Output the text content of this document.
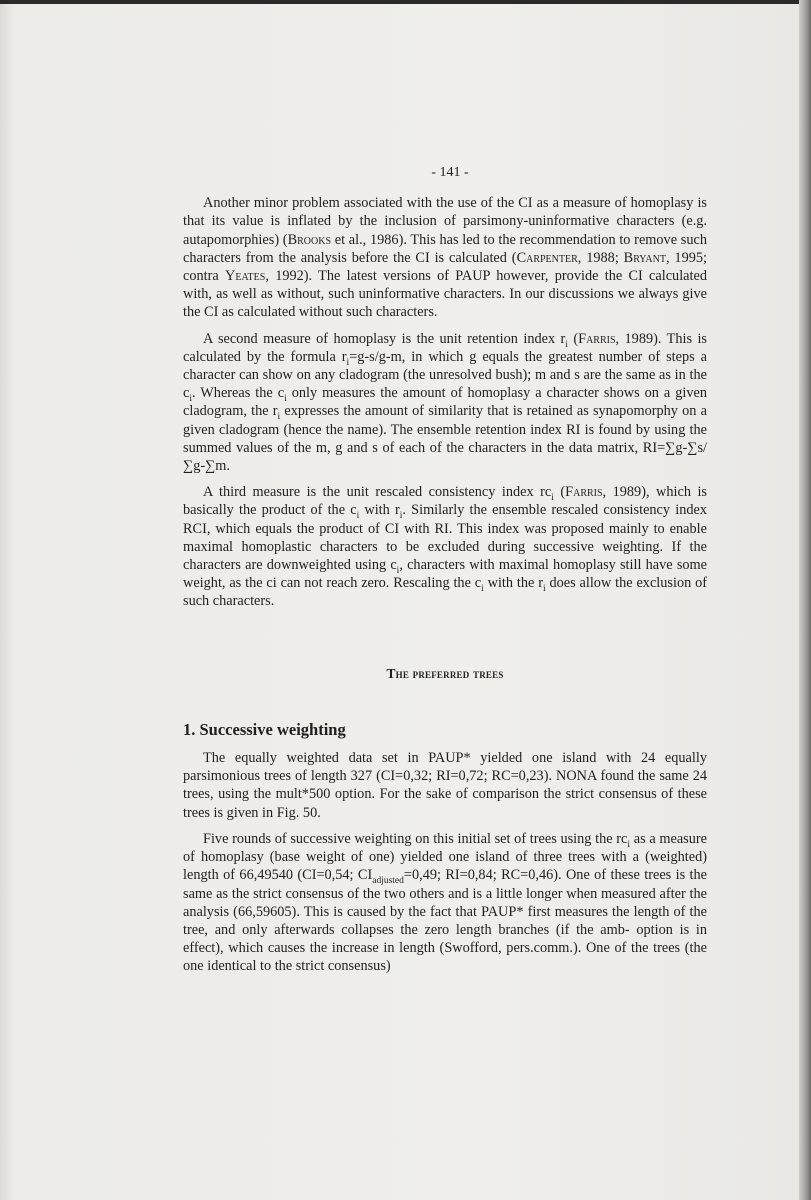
- 141 -

Another minor problem associated with the use of the CI as a measure of homoplasy is that its value is inflated by the inclusion of parsimony-uninformative characters (e.g. autapomorphies) (Brooks et al., 1986). This has led to the recommendation to remove such characters from the analysis before the CI is calculated (Carpenter, 1988; Bryant, 1995; contra Yeates, 1992). The latest versions of PAUP however, provide the CI calculated with, as well as without, such uninformative characters. In our discussions we always give the CI as calculated without such characters.

A second measure of homoplasy is the unit retention index $r_i$ (Farris, 1989). This is calculated by the formula $r_i=g-s/g-m$, in which g equals the greatest number of steps a character can show on any cladogram (the unresolved bush); m and s are the same as in the $c_i$. Whereas the $c_i$ only measures the amount of homoplasy a character shows on a given cladogram, the $r_i$ expresses the amount of similarity that is retained as synapomorphy on a given cladogram (hence the name). The ensemble retention index RI is found by using the summed values of the m, g and s of each of the characters in the data matrix, RI=∑g-∑s/∑g-∑m.

A third measure is the unit rescaled consistency index $rc_i$ (Farris, 1989), which is basically the product of the $c_i$ with $r_i$. Similarly the ensemble rescaled consistency index RCI, which equals the product of CI with RI. This index was proposed mainly to enable maximal homoplastic characters to be excluded during successive weighting. If the characters are downweighted using $c_i$, characters with maximal homoplasy still have some weight, as the ci can not reach zero. Rescaling the $c_i$ with the $r_i$ does allow the exclusion of such characters.

The preferred trees
1. Successive weighting

The equally weighted data set in PAUP* yielded one island with 24 equally parsimonious trees of length 327 (CI=0,32; RI=0,72; RC=0,23). NONA found the same 24 trees, using the mult*500 option. For the sake of comparison the strict consensus of these trees is given in Fig. 50.

Five rounds of successive weighting on this initial set of trees using the $rc_i$ as a measure of homoplasy (base weight of one) yielded one island of three trees with a (weighted) length of 66,49540 (CI=0,54; $CI_{adjusted}=0,49$; RI=0,84; RC=0,46). One of these trees is the same as the strict consensus of the two others and is a little longer when measured after the analysis (66,59605). This is caused by the fact that PAUP* first measures the length of the tree, and only afterwards collapses the zero length branches (if the amb- option is in effect), which causes the increase in length (Swofford, pers.comm.). One of the trees (the one identical to the strict consensus)
